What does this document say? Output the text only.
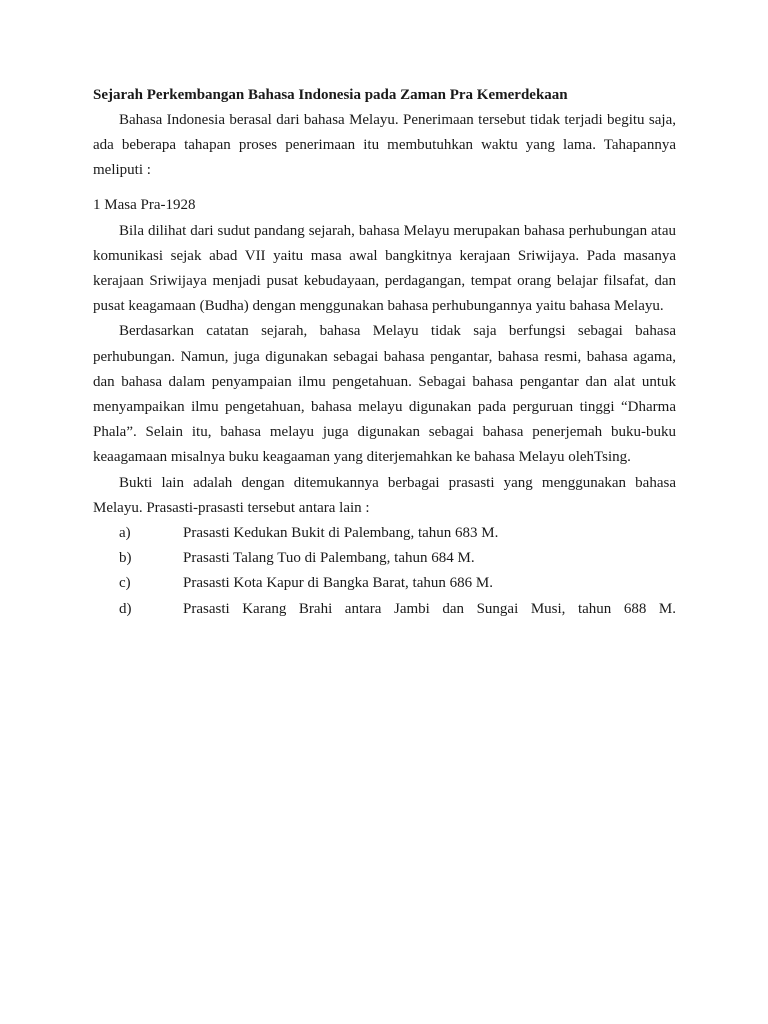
Sejarah Perkembangan Bahasa Indonesia pada Zaman Pra Kemerdekaan

Bahasa Indonesia berasal dari bahasa Melayu. Penerimaan tersebut tidak terjadi begitu saja, ada beberapa tahapan proses penerimaan itu membutuhkan waktu yang lama. Tahapannya meliputi :

1 Masa Pra-1928

Bila dilihat dari sudut pandang sejarah, bahasa Melayu merupakan bahasa perhubungan atau komunikasi sejak abad VII yaitu masa awal bangkitnya kerajaan Sriwijaya. Pada masanya kerajaan Sriwijaya menjadi pusat kebudayaan, perdagangan, tempat orang belajar filsafat, dan pusat keagamaan (Budha) dengan menggunakan bahasa perhubungannya yaitu bahasa Melayu.

Berdasarkan catatan sejarah, bahasa Melayu tidak saja berfungsi sebagai bahasa perhubungan. Namun, juga digunakan sebagai bahasa pengantar, bahasa resmi, bahasa agama, dan bahasa dalam penyampaian ilmu pengetahuan. Sebagai bahasa pengantar dan alat untuk menyampaikan ilmu pengetahuan, bahasa melayu digunakan pada perguruan tinggi “Dharma Phala”. Selain itu, bahasa melayu juga digunakan sebagai bahasa penerjemah buku-buku keaagamaan misalnya buku keagaaman yang diterjemahkan ke bahasa Melayu olehTsing.

Bukti lain adalah dengan ditemukannya berbagai prasasti yang menggunakan bahasa Melayu. Prasasti-prasasti tersebut antara lain :

a)	Prasasti Kedukan Bukit di Palembang, tahun 683 M.
b)	Prasasti Talang Tuo di Palembang, tahun 684 M.
c)	Prasasti Kota Kapur di Bangka Barat, tahun 686 M.
d)	Prasasti Karang Brahi antara Jambi dan Sungai Musi, tahun 688 M.
